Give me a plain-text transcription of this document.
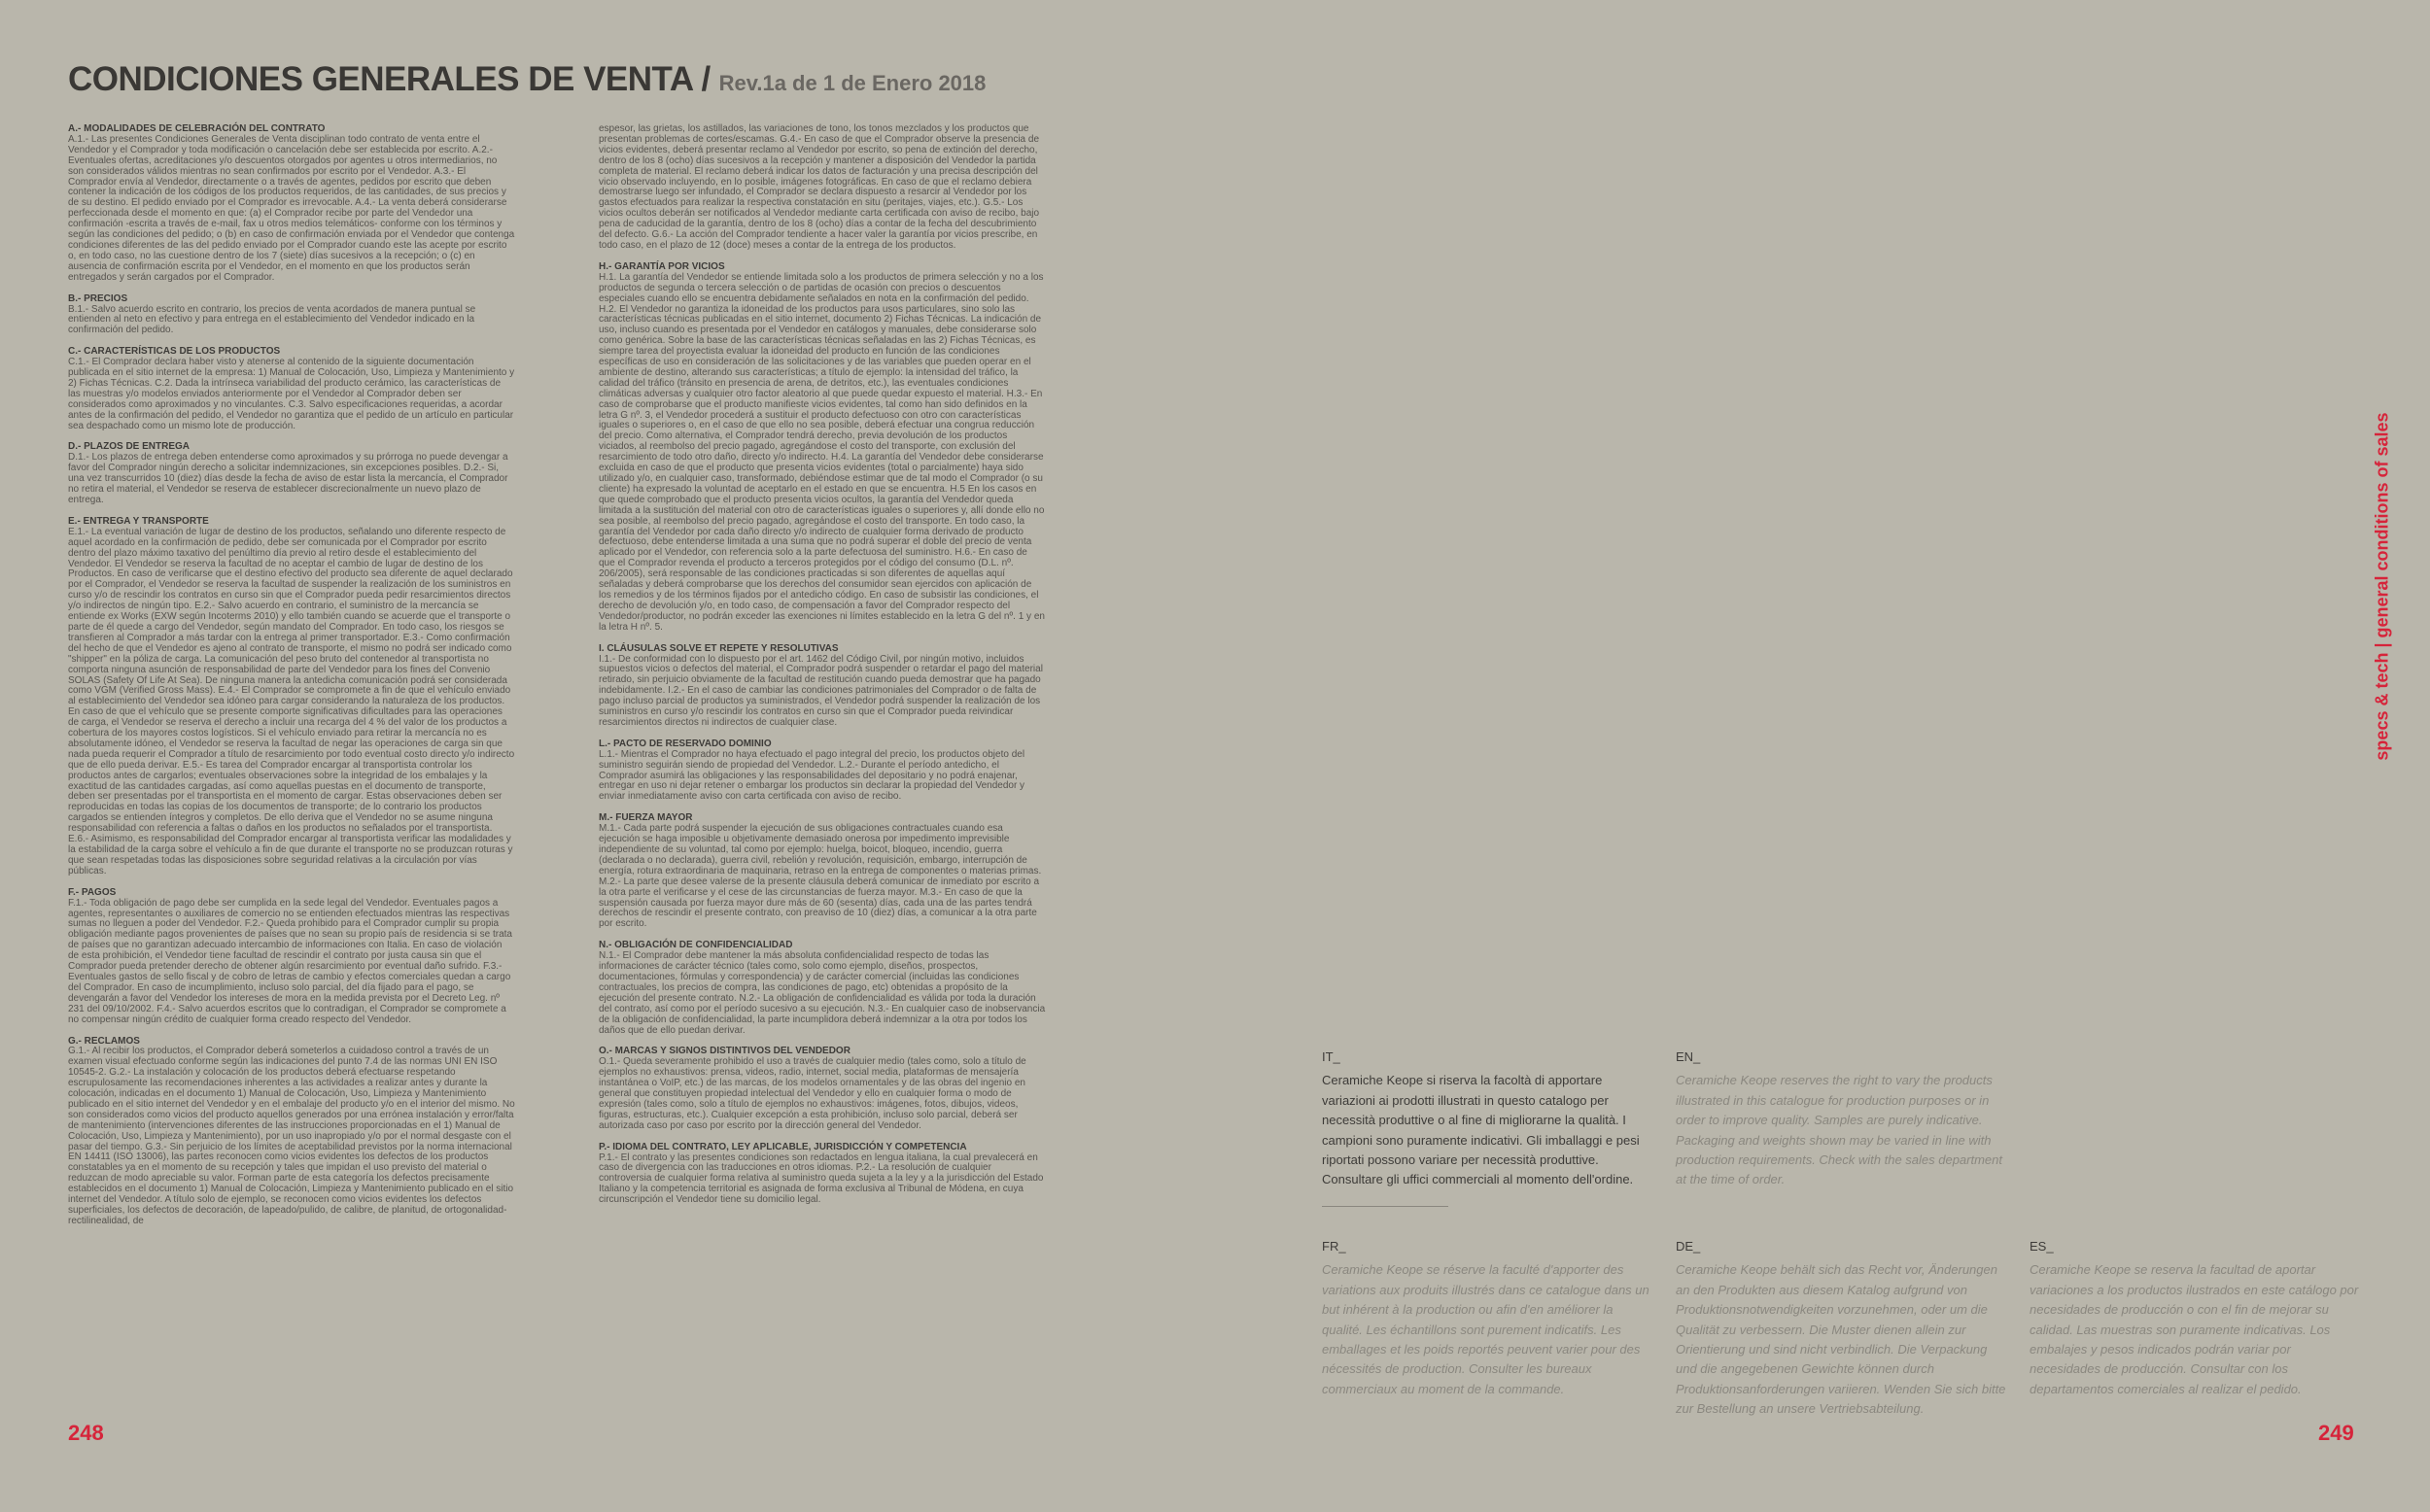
CONDICIONES GENERALES DE VENTA / Rev.1a de 1 de Enero 2018
A.- MODALIDADES DE CELEBRACIÓN DEL CONTRATO

A.1.- Las presentes Condiciones Generales de Venta disciplinan todo contrato de venta entre el Vendedor y el Comprador y toda modificación o cancelación debe ser establecida por escrito. A.2.- Eventuales ofertas, acreditaciones y/o descuentos otorgados por agentes u otros intermediarios, no son considerados válidos mientras no sean confirmados por escrito por el Vendedor. A.3.- El Comprador envía al Vendedor, directamente o a través de agentes, pedidos por escrito que deben contener la indicación de los códigos de los productos requeridos, de las cantidades, de sus precios y de su destino. El pedido enviado por el Comprador es irrevocable. A.4.- La venta deberá considerarse perfeccionada desde el momento en que: (a) el Comprador recibe por parte del Vendedor una confirmación -escrita a través de e-mail, fax u otros medios telemáticos- conforme con los términos y según las condiciones del pedido; o (b) en caso de confirmación enviada por el Vendedor que contenga condiciones diferentes de las del pedido enviado por el Comprador cuando este las acepte por escrito o, en todo caso, no las cuestione dentro de los 7 (siete) días sucesivos a la recepción; o (c) en ausencia de confirmación escrita por el Vendedor, en el momento en que los productos serán entregados y serán cargados por el Comprador.

B.- PRECIOS

B.1.- Salvo acuerdo escrito en contrario, los precios de venta acordados de manera puntual se entienden al neto en efectivo y para entrega en el establecimiento del Vendedor indicado en la confirmación del pedido.

C.- CARACTERÍSTICAS DE LOS PRODUCTOS

C.1.- El Comprador declara haber visto y atenerse al contenido de la siguiente documentación publicada en el sitio internet de la empresa: 1) Manual de Colocación, Uso, Limpieza y Mantenimiento y 2) Fichas Técnicas. C.2. Dada la intrínseca variabilidad del producto cerámico, las características de las muestras y/o modelos enviados anteriormente por el Vendedor al Comprador deben ser considerados como aproximados y no vinculantes. C.3. Salvo especificaciones requeridas, a acordar antes de la confirmación del pedido, el Vendedor no garantiza que el pedido de un artículo en particular sea despachado como un mismo lote de producción.

D.- PLAZOS DE ENTREGA

D.1.- Los plazos de entrega deben entenderse como aproximados y su prórroga no puede devengar a favor del Comprador ningún derecho a solicitar indemnizaciones, sin excepciones posibles. D.2.- Si, una vez transcurridos 10 (diez) días desde la fecha de aviso de estar lista la mercancía, el Comprador no retira el material, el Vendedor se reserva de establecer discrecionalmente un nuevo plazo de entrega.

E.- ENTREGA Y TRANSPORTE

E.1.- La eventual variación de lugar de destino de los productos, señalando uno diferente respecto de aquel acordado en la confirmación de pedido, debe ser comunicada por el Comprador por escrito dentro del plazo máximo taxativo del penúltimo día previo al retiro desde el establecimiento del Vendedor. El Vendedor se reserva la facultad de no aceptar el cambio de lugar de destino de los Productos. En caso de verificarse que el destino efectivo del producto sea diferente de aquel declarado por el Comprador, el Vendedor se reserva la facultad de suspender la realización de los suministros en curso y/o de rescindir los contratos en curso sin que el Comprador pueda pedir resarcimientos directos y/o indirectos de ningún tipo. E.2.- Salvo acuerdo en contrario, el suministro de la mercancía se entiende ex Works (EXW según Incoterms 2010) y ello también cuando se acuerde que el transporte o parte de él quede a cargo del Vendedor, según mandato del Comprador. En todo caso, los riesgos se transfieren al Comprador a más tardar con la entrega al primer transportador. E.3.- Como confirmación del hecho de que el Vendedor es ajeno al contrato de transporte, el mismo no podrá ser indicado como "shipper" en la póliza de carga. La comunicación del peso bruto del contenedor al transportista no comporta ninguna asunción de responsabilidad de parte del Vendedor para los fines del Convenio SOLAS (Safety Of Life At Sea). De ninguna manera la antedicha comunicación podrá ser considerada como VGM (Verified Gross Mass). E.4.- El Comprador se compromete a fin de que el vehículo enviado al establecimiento del Vendedor sea idóneo para cargar considerando la naturaleza de los productos. En caso de que el vehículo que se presente comporte significativas dificultades para las operaciones de carga, el Vendedor se reserva el derecho a incluir una recarga del 4 % del valor de los productos a cobertura de los mayores costos logísticos. Si el vehículo enviado para retirar la mercancía no es absolutamente idóneo, el Vendedor se reserva la facultad de negar las operaciones de carga sin que nada pueda requerir el Comprador a título de resarcimiento por todo eventual costo directo y/o indirecto que de ello pueda derivar. E.5.- Es tarea del Comprador encargar al transportista controlar los productos antes de cargarlos; eventuales observaciones sobre la integridad de los embalajes y la exactitud de las cantidades cargadas, así como aquellas puestas en el documento de transporte, deben ser presentadas por el transportista en el momento de cargar. Estas observaciones deben ser reproducidas en todas las copias de los documentos de transporte; de lo contrario los productos cargados se entienden íntegros y completos. De ello deriva que el Vendedor no se asume ninguna responsabilidad con referencia a faltas o daños en los productos no señalados por el transportista. E.6.- Asimismo, es responsabilidad del Comprador encargar al transportista verificar las modalidades y la estabilidad de la carga sobre el vehículo a fin de que durante el transporte no se produzcan roturas y que sean respetadas todas las disposiciones sobre seguridad relativas a la circulación por vías públicas.

F.- PAGOS

F.1.- Toda obligación de pago debe ser cumplida en la sede legal del Vendedor. Eventuales pagos a agentes, representantes o auxiliares de comercio no se entienden efectuados mientras las respectivas sumas no lleguen a poder del Vendedor. F.2.- Queda prohibido para el Comprador cumplir su propia obligación mediante pagos provenientes de países que no sean su propio país de residencia si se trata de países que no garantizan adecuado intercambio de informaciones con Italia. En caso de violación de esta prohibición, el Vendedor tiene facultad de rescindir el contrato por justa causa sin que el Comprador pueda pretender derecho de obtener algún resarcimiento por eventual daño sufrido. F.3.- Eventuales gastos de sello fiscal y de cobro de letras de cambio y efectos comerciales quedan a cargo del Comprador. En caso de incumplimiento, incluso solo parcial, del día fijado para el pago, se devengarán a favor del Vendedor los intereses de mora en la medida prevista por el Decreto Leg. nº 231 del 09/10/2002. F.4.- Salvo acuerdos escritos que lo contradigan, el Comprador se compromete a no compensar ningún crédito de cualquier forma creado respecto del Vendedor.

G.- RECLAMOS

G.1.- Al recibir los productos, el Comprador deberá someterlos a cuidadoso control a través de un examen visual efectuado conforme según las indicaciones del punto 7.4 de las normas UNI EN ISO 10545-2. G.2.- La instalación y colocación de los productos deberá efectuarse respetando escrupulosamente las recomendaciones inherentes a las actividades a realizar antes y durante la colocación, indicadas en el documento 1) Manual de Colocación, Uso, Limpieza y Mantenimiento publicado en el sitio internet del Vendedor y en el embalaje del producto y/o en el interior del mismo. No son considerados como vicios del producto aquellos generados por una errónea instalación y error/falta de mantenimiento (intervenciones diferentes de las instrucciones proporcionadas en el 1) Manual de Colocación, Uso, Limpieza y Mantenimiento), por un uso inapropiado y/o por el normal desgaste con el pasar del tiempo. G.3.- Sin perjuicio de los límites de aceptabilidad previstos por la norma internacional EN 14411 (ISO 13006), las partes reconocen como vicios evidentes los defectos de los productos constatables ya en el momento de su recepción y tales que impidan el uso previsto del material o reduzcan de modo apreciable su valor. Forman parte de esta categoría los defectos precisamente establecidos en el documento 1) Manual de Colocación, Limpieza y Mantenimiento publicado en el sitio internet del Vendedor. A título solo de ejemplo, se reconocen como vicios evidentes los defectos superficiales, los defectos de decoración, de lapeado/pulido, de calibre, de planitud, de ortogonalidad-rectilinealidad, de

espesor, las grietas, los astillados, las variaciones de tono, los tonos mezclados y los productos que presentan problemas de cortes/escamas. G.4.- En caso de que el Comprador observe la presencia de vicios evidentes, deberá presentar reclamo al Vendedor por escrito, so pena de extinción del derecho, dentro de los 8 (ocho) días sucesivos a la recepción y mantener a disposición del Vendedor la partida completa de material. El reclamo deberá indicar los datos de facturación y una precisa descripción del vicio observado incluyendo, en lo posible, imágenes fotográficas. En caso de que el reclamo debiera demostrarse luego ser infundado, el Comprador se declara dispuesto a resarcir al Vendedor por los gastos efectuados para realizar la respectiva constatación en situ (peritajes, viajes, etc.). G.5.- Los vicios ocultos deberán ser notificados al Vendedor mediante carta certificada con aviso de recibo, bajo pena de caducidad de la garantía, dentro de los 8 (ocho) días a contar de la fecha del descubrimiento del defecto. G.6.- La acción del Comprador tendiente a hacer valer la garantía por vicios prescribe, en todo caso, en el plazo de 12 (doce) meses a contar de la entrega de los productos.

H.- GARANTÍA POR VICIOS

H.1. La garantía del Vendedor se entiende limitada solo a los productos de primera selección y no a los productos de segunda o tercera selección o de partidas de ocasión con precios o descuentos especiales cuando ello se encuentra debidamente señalados en nota en la confirmación del pedido. H.2. El Vendedor no garantiza la idoneidad de los productos para usos particulares, sino solo las características técnicas publicadas en el sitio internet, documento 2) Fichas Técnicas. La indicación de uso, incluso cuando es presentada por el Vendedor en catálogos y manuales, debe considerarse solo como genérica. Sobre la base de las características técnicas señaladas en las 2) Fichas Técnicas, es siempre tarea del proyectista evaluar la idoneidad del producto en función de las condiciones específicas de uso en consideración de las solicitaciones y de las variables que pueden operar en el ambiente de destino, alterando sus características; a título de ejemplo: la intensidad del tráfico, la calidad del tráfico (tránsito en presencia de arena, de detritos, etc.), las eventuales condiciones climáticas adversas y cualquier otro factor aleatorio al que puede quedar expuesto el material. H.3.- En caso de comprobarse que el producto manifieste vicios evidentes, tal como han sido definidos en la letra G nº. 3, el Vendedor procederá a sustituir el producto defectuoso con otro con características iguales o superiores o, en el caso de que ello no sea posible, deberá efectuar una congrua reducción del precio. Como alternativa, el Comprador tendrá derecho, previa devolución de los productos viciados, al reembolso del precio pagado, agregándose el costo del transporte, con exclusión del resarcimiento de todo otro daño, directo y/o indirecto. H.4. La garantía del Vendedor debe considerarse excluida en caso de que el producto que presenta vicios evidentes (total o parcialmente) haya sido utilizado y/o, en cualquier caso, transformado, debiéndose estimar que de tal modo el Comprador (o su cliente) ha expresado la voluntad de aceptarlo en el estado en que se encuentra. H.5 En los casos en que quede comprobado que el producto presenta vicios ocultos, la garantía del Vendedor queda limitada a la sustitución del material con otro de características iguales o superiores y, allí donde ello no sea posible, al reembolso del precio pagado, agregándose el costo del transporte. En todo caso, la garantía del Vendedor por cada daño directo y/o indirecto de cualquier forma derivado de producto defectuoso, debe entenderse limitada a una suma que no podrá superar el doble del precio de venta aplicado por el Vendedor, con referencia solo a la parte defectuosa del suministro. H.6.- En caso de que el Comprador revenda el producto a terceros protegidos por el código del consumo (D.L. nº. 206/2005), será responsable de las condiciones practicadas si son diferentes de aquellas aquí señaladas y deberá comprobarse que los derechos del consumidor sean ejercidos con aplicación de los remedios y de los términos fijados por el antedicho código. En caso de subsistir las condiciones, el derecho de devolución y/o, en todo caso, de compensación a favor del Comprador respecto del Vendedor/productor, no podrán exceder las exenciones ni límites establecido en la letra G del nº. 1 y en la letra H nº. 5.

I. CLÁUSULAS SOLVE ET REPETE Y RESOLUTIVAS

I.1.- De conformidad con lo dispuesto por el art. 1462 del Código Civil, por ningún motivo, incluidos supuestos vicios o defectos del material, el Comprador podrá suspender o retardar el pago del material retirado, sin perjuicio obviamente de la facultad de restitución cuando pueda demostrar que ha pagado indebidamente. I.2.- En el caso de cambiar las condiciones patrimoniales del Comprador o de falta de pago incluso parcial de productos ya suministrados, el Vendedor podrá suspender la realización de los suministros en curso y/o rescindir los contratos en curso sin que el Comprador pueda reivindicar resarcimientos directos ni indirectos de cualquier clase.

L.- PACTO DE RESERVADO DOMINIO

L.1.- Mientras el Comprador no haya efectuado el pago integral del precio, los productos objeto del suministro seguirán siendo de propiedad del Vendedor. L.2.- Durante el período antedicho, el Comprador asumirá las obligaciones y las responsabilidades del depositario y no podrá enajenar, entregar en uso ni dejar retener o embargar los productos sin declarar la propiedad del Vendedor y enviar inmediatamente aviso con carta certificada con aviso de recibo.

M.- FUERZA MAYOR

M.1.- Cada parte podrá suspender la ejecución de sus obligaciones contractuales cuando esa ejecución se haga imposible u objetivamente demasiado onerosa por impedimento imprevisible independiente de su voluntad, tal como por ejemplo: huelga, boicot, bloqueo, incendio, guerra (declarada o no declarada), guerra civil, rebelión y revolución, requisición, embargo, interrupción de energía, rotura extraordinaria de maquinaria, retraso en la entrega de componentes o materias primas. M.2.- La parte que desee valerse de la presente cláusula deberá comunicar de inmediato por escrito a la otra parte el verificarse y el cese de las circunstancias de fuerza mayor. M.3.- En caso de que la suspensión causada por fuerza mayor dure más de 60 (sesenta) días, cada una de las partes tendrá derechos de rescindir el presente contrato, con preaviso de 10 (diez) días, a comunicar a la otra parte por escrito.

N.- OBLIGACIÓN DE CONFIDENCIALIDAD

N.1.- El Comprador debe mantener la más absoluta confidencialidad respecto de todas las informaciones de carácter técnico (tales como, solo como ejemplo, diseños, prospectos, documentaciones, fórmulas y correspondencia) y de carácter comercial (incluidas las condiciones contractuales, los precios de compra, las condiciones de pago, etc) obtenidas a propósito de la ejecución del presente contrato. N.2.- La obligación de confidencialidad es válida por toda la duración del contrato, así como por el período sucesivo a su ejecución. N.3.- En cualquier caso de inobservancia de la obligación de confidencialidad, la parte incumplidora deberá indemnizar a la otra por todos los daños que de ello puedan derivar.

O.- MARCAS Y SIGNOS DISTINTIVOS DEL VENDEDOR

O.1.- Queda severamente prohibido el uso a través de cualquier medio (tales como, solo a título de ejemplos no exhaustivos: prensa, videos, radio, internet, social media, plataformas de mensajería instantánea o VoIP, etc.) de las marcas, de los modelos ornamentales y de las obras del ingenio en general que constituyen propiedad intelectual del Vendedor y ello en cualquier forma o modo de expresión (tales como, solo a título de ejemplos no exhaustivos: imágenes, fotos, dibujos, videos, figuras, estructuras, etc.). Cualquier excepción a esta prohibición, incluso solo parcial, deberá ser autorizada caso por caso por escrito por la dirección general del Vendedor.

P.- IDIOMA DEL CONTRATO, LEY APLICABLE, JURISDICCIÓN Y COMPETENCIA

P.1.- El contrato y las presentes condiciones son redactados en lengua italiana, la cual prevalecerá en caso de divergencia con las traducciones en otros idiomas. P.2.- La resolución de cualquier controversia de cualquier forma relativa al suministro queda sujeta a la ley y a la jurisdicción del Estado Italiano y la competencia territorial es asignada de forma exclusiva al Tribunal de Módena, en cuya circunscripción el Vendedor tiene su domicilio legal.

IT_

Ceramiche Keope si riserva la facoltà di apportare variazioni ai prodotti illustrati in questo catalogo per necessità produttive o al fine di migliorarne la qualità. I campioni sono puramente indicativi. Gli imballaggi e pesi riportati possono variare per necessità produttive. Consultare gli uffici commerciali al momento dell'ordine.

EN_

Ceramiche Keope reserves the right to vary the products illustrated in this catalogue for production purposes or in order to improve quality. Samples are purely indicative. Packaging and weights shown may be varied in line with production requirements. Check with the sales department at the time of order.

FR_

Ceramiche Keope se réserve la faculté d'apporter des variations aux produits illustrés dans ce catalogue dans un but inhérent à la production ou afin d'en améliorer la qualité. Les échantillons sont purement indicatifs. Les emballages et les poids reportés peuvent varier pour des nécessités de production. Consulter les bureaux commerciaux au moment de la commande.

DE_

Ceramiche Keope behält sich das Recht vor, Änderungen an den Produkten aus diesem Katalog aufgrund von Produktionsnotwendigkeiten vorzunehmen, oder um die Qualität zu verbessern. Die Muster dienen allein zur Orientierung und sind nicht verbindlich. Die Verpackung und die angegebenen Gewichte können durch Produktionsanforderungen variieren. Wenden Sie sich bitte zur Bestellung an unsere Vertriebsabteilung.

ES_

Ceramiche Keope se reserva la facultad de aportar variaciones a los productos ilustrados en este catálogo por necesidades de producción o con el fin de mejorar su calidad. Las muestras son puramente indicativas. Los embalajes y pesos indicados podrán variar por necesidades de producción. Consultar con los departamentos comerciales al realizar el pedido.

248	249
specs & tech | general conditions of sales
